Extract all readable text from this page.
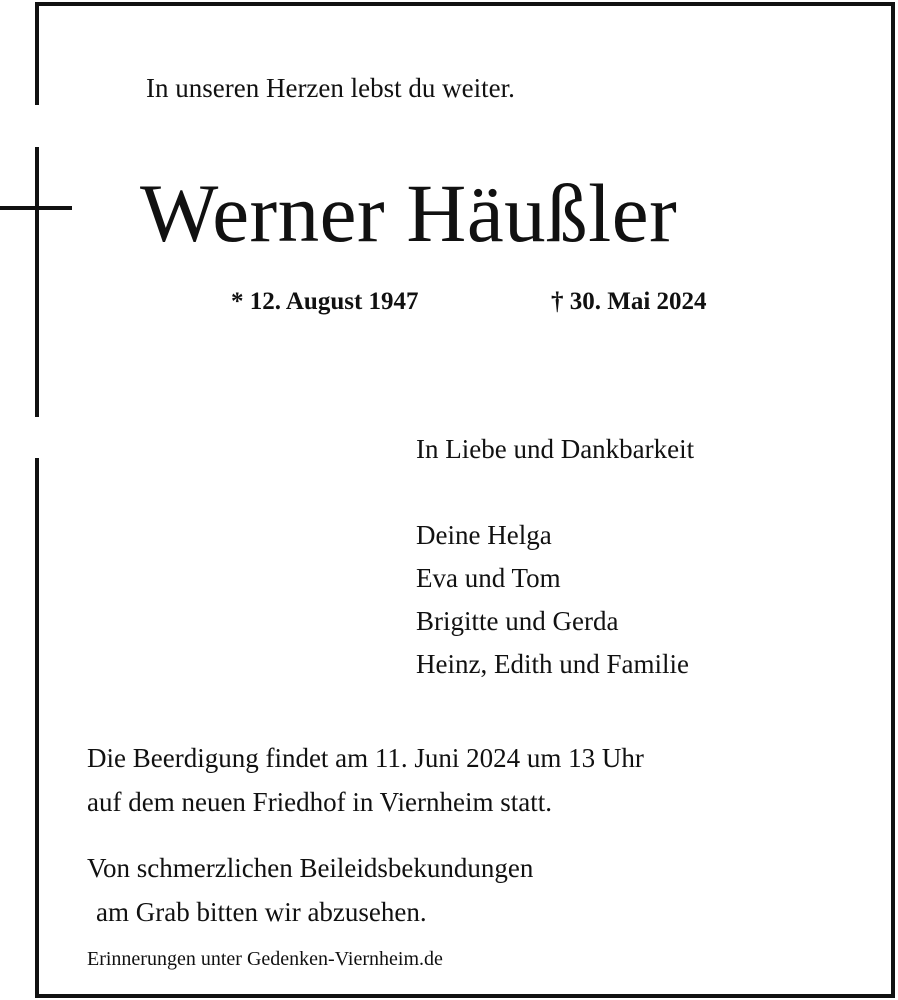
In unseren Herzen lebst du weiter.
Werner Häußler
* 12. August 1947	† 30. Mai 2024
In Liebe und Dankbarkeit
Deine Helga
Eva und Tom
Brigitte und Gerda
Heinz, Edith und Familie
Die Beerdigung findet am 11. Juni 2024 um 13 Uhr
auf dem neuen Friedhof in Viernheim statt.
Von schmerzlichen Beileidsbekundungen
am Grab bitten wir abzusehen.
Erinnerungen unter Gedenken-Viernheim.de
